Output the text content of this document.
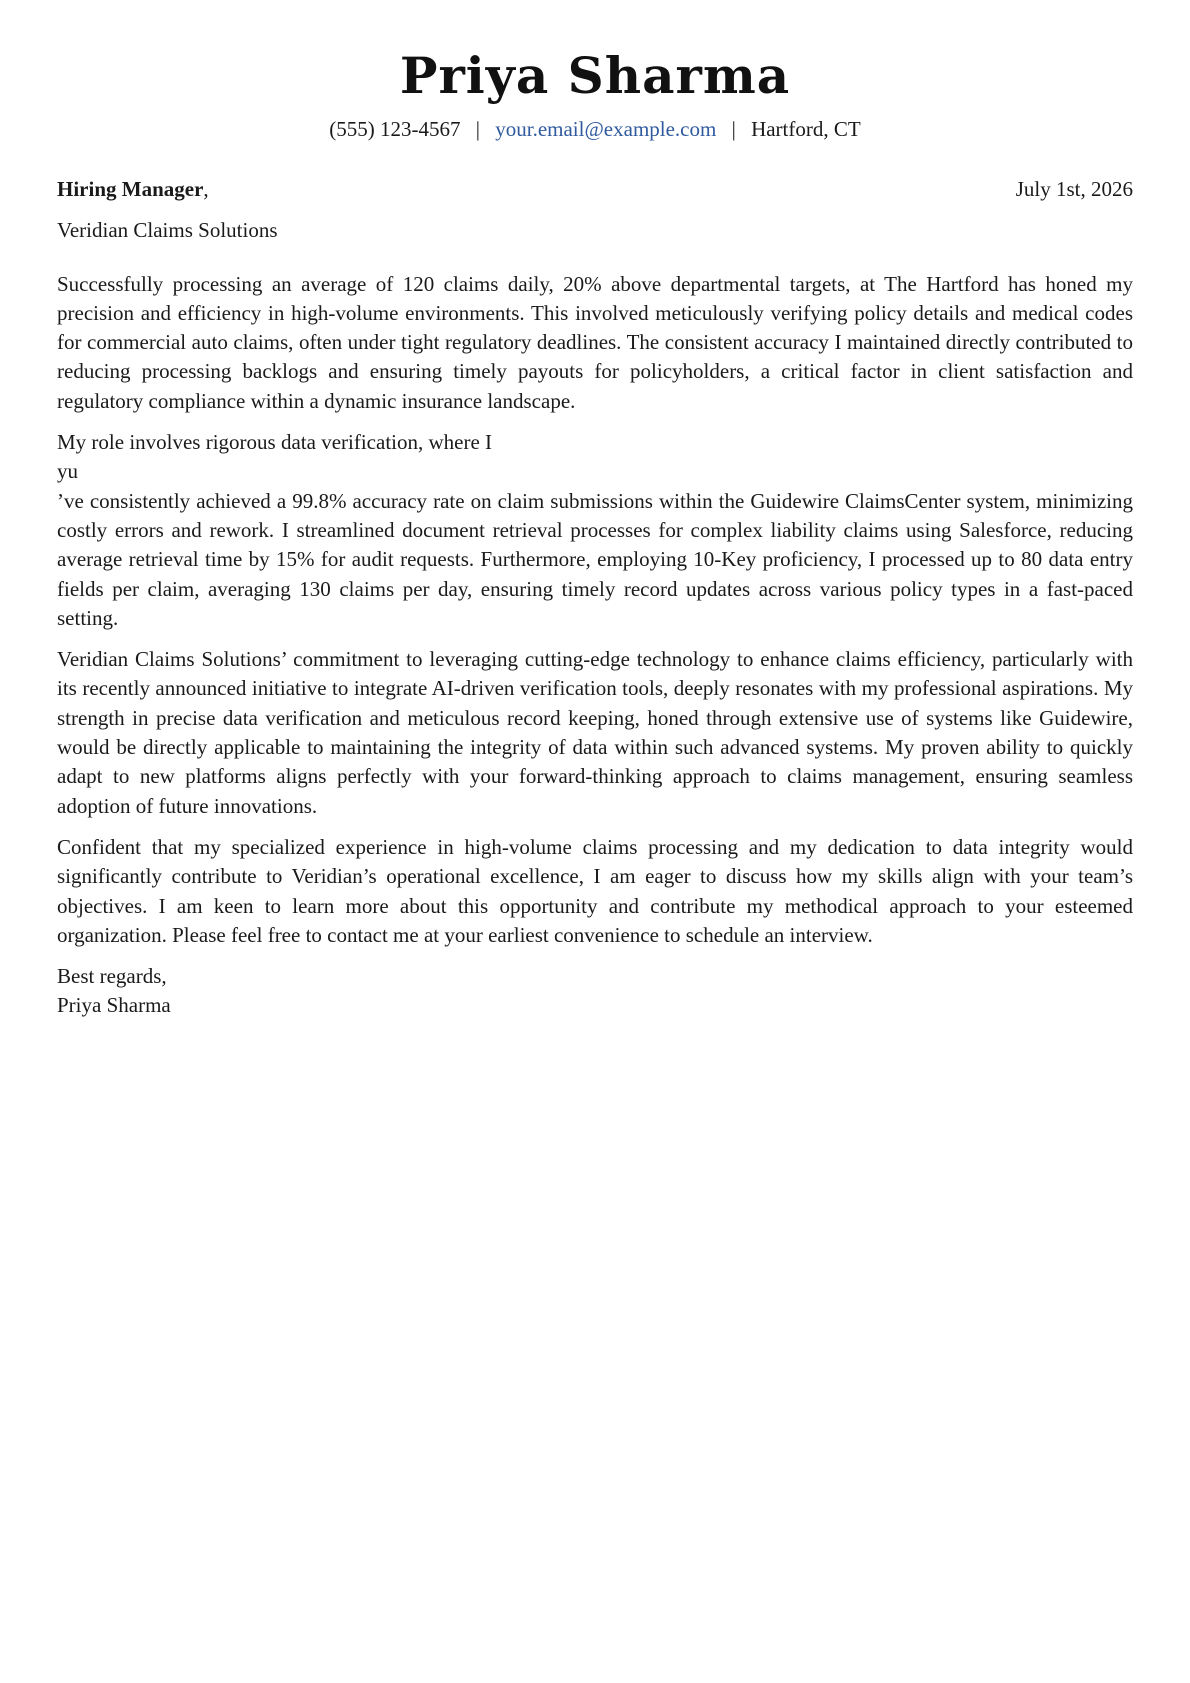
Priya Sharma
(555) 123-4567 | your.email@example.com | Hartford, CT
Hiring Manager,	July 1st, 2026
Veridian Claims Solutions

Successfully processing an average of 120 claims daily, 20% above departmental targets, at The Hartford has honed my precision and efficiency in high-volume environments. This involved meticulously verifying policy details and medical codes for commercial auto claims, often under tight regulatory deadlines. The consistent accuracy I maintained directly contributed to reducing processing backlogs and ensuring timely payouts for policyholders, a critical factor in client satisfaction and regulatory compliance within a dynamic insurance landscape.

My role involves rigorous data verification, where I
yu
’ve consistently achieved a 99.8% accuracy rate on claim submissions within the Guidewire ClaimsCenter system, minimizing costly errors and rework. I streamlined document retrieval processes for complex liability claims using Salesforce, reducing average retrieval time by 15% for audit requests. Furthermore, employing 10-Key proficiency, I processed up to 80 data entry fields per claim, averaging 130 claims per day, ensuring timely record updates across various policy types in a fast-paced setting.

Veridian Claims Solutions’ commitment to leveraging cutting-edge technology to enhance claims efficiency, particularly with its recently announced initiative to integrate AI-driven verification tools, deeply resonates with my professional aspirations. My strength in precise data verification and meticulous record keeping, honed through extensive use of systems like Guidewire, would be directly applicable to maintaining the integrity of data within such advanced systems. My proven ability to quickly adapt to new platforms aligns perfectly with your forward-thinking approach to claims management, ensuring seamless adoption of future innovations.

Confident that my specialized experience in high-volume claims processing and my dedication to data integrity would significantly contribute to Veridian’s operational excellence, I am eager to discuss how my skills align with your team’s objectives. I am keen to learn more about this opportunity and contribute my methodical approach to your esteemed organization. Please feel free to contact me at your earliest convenience to schedule an interview.

Best regards,
Priya Sharma
